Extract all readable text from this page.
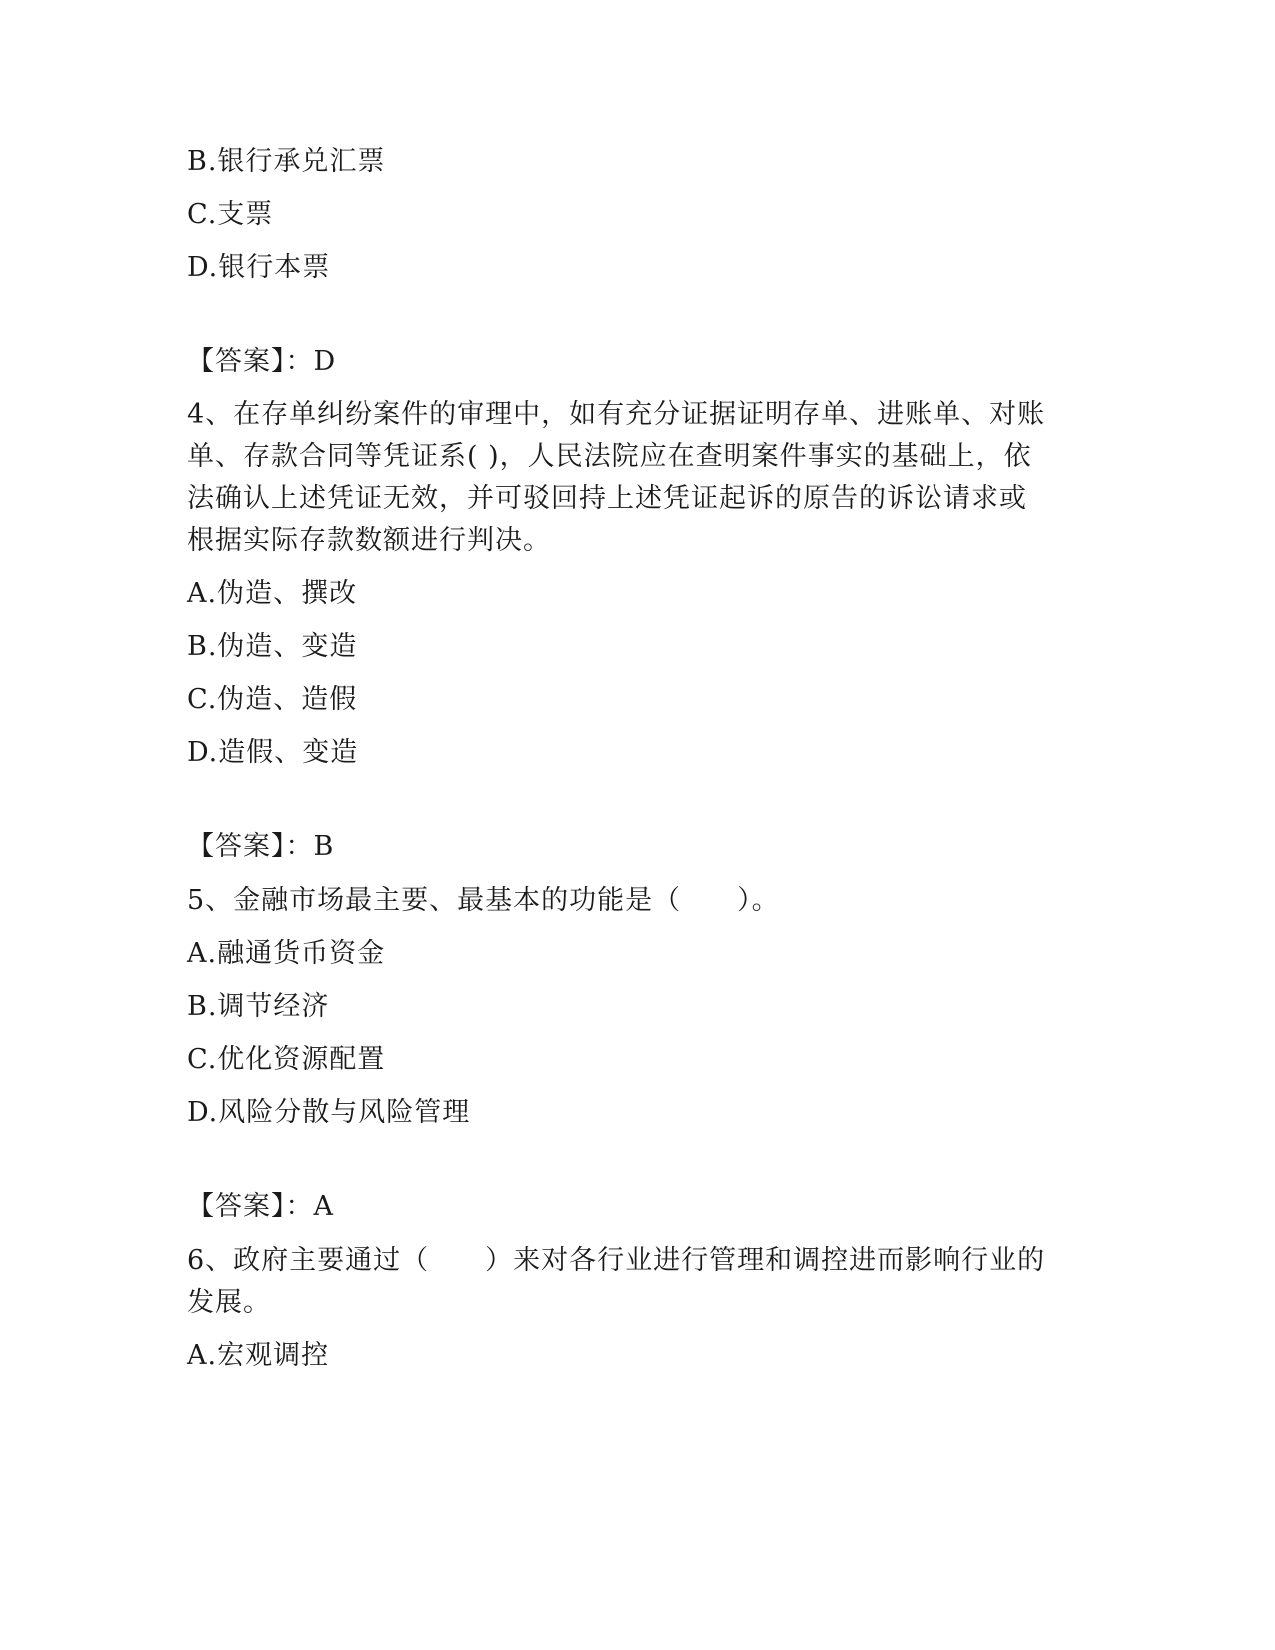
B.银行承兑汇票
C.支票
D.银行本票
【答案】：D
4、在存单纠纷案件的审理中，如有充分证据证明存单、进账单、对账
单、存款合同等凭证系( )，人民法院应在查明案件事实的基础上，依
法确认上述凭证无效，并可驳回持上述凭证起诉的原告的诉讼请求或
根据实际存款数额进行判决。
A.伪造、撰改
B.伪造、变造
C.伪造、造假
D.造假、变造
【答案】：B
5、金融市场最主要、最基本的功能是（　　）。
A.融通货币资金
B.调节经济
C.优化资源配置
D.风险分散与风险管理
【答案】：A
6、政府主要通过（　　）来对各行业进行管理和调控进而影响行业的
发展。
A.宏观调控
